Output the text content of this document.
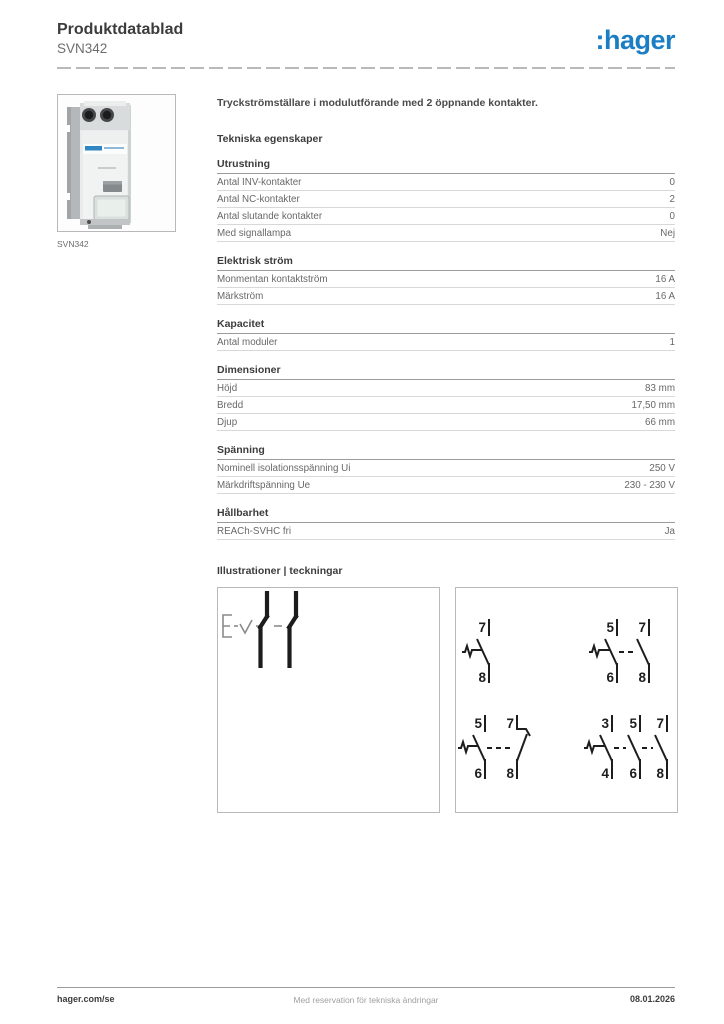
Produktdatablad
SVN342	:hager
SVN342
Tryckströmställare i modulutförande med 2 öppnande kontakter.
Tekniska egenskaper
Utrustning
Antal INV-kontakter	0
Antal NC-kontakter	2
Antal slutande kontakter	0
Med signallampa	Nej
Elektrisk ström
Monmentan kontaktström	16 A
Märkström	16 A
Kapacitet
Antal moduler	1
Dimensioner
Höjd	83 mm
Bredd	17,50 mm
Djup	66 mm
Spänning
Nominell isolationsspänning Ui	250 V
Märkdriftspänning Ue	230 - 230 V
Hållbarhet
REACh-SVHC fri	Ja
Illustrationer | teckningar
7
8
5 7
6 8
5 7
6 8
3 5 7
4 6 8
Med reservation för tekniska ändringar
hager.com/se	08.01.2026
